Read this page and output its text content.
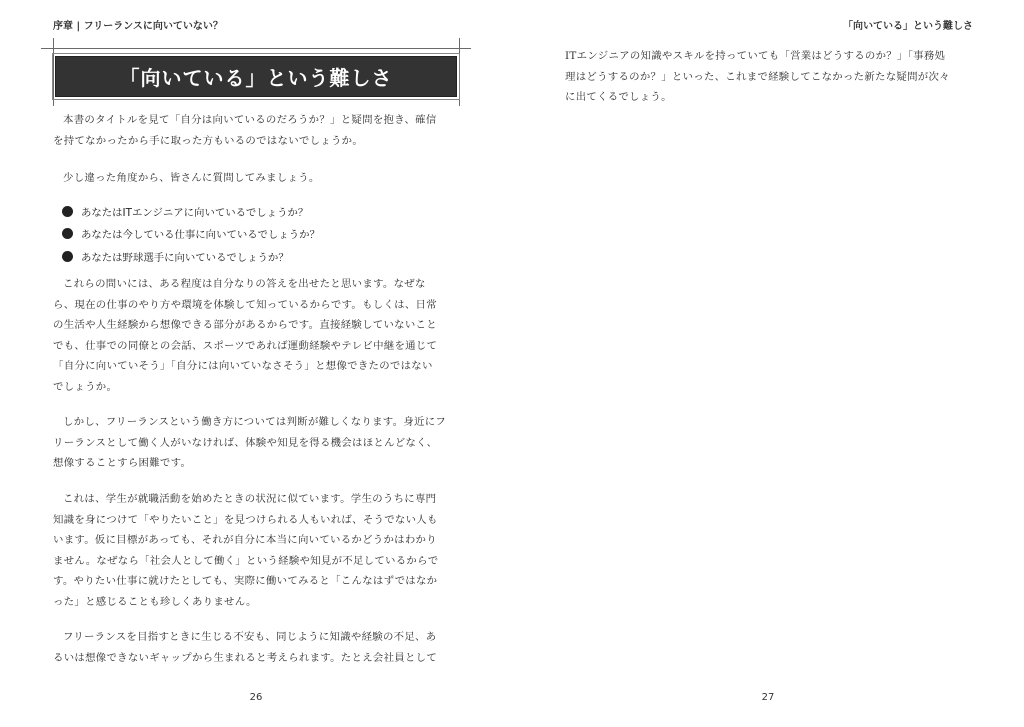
序章 | フリーランスに向いていない？
「向いている」という難しさ
本書のタイトルを見て「自分は向いているのだろうか？」と疑問を抱き、確信
を持てなかったから手に取った方もいるのではないでしょうか。
少し違った角度から、皆さんに質問してみましょう。
あなたはITエンジニアに向いているでしょうか？
あなたは今している仕事に向いているでしょうか？
あなたは野球選手に向いているでしょうか？
これらの問いには、ある程度は自分なりの答えを出せたと思います。なぜな
ら、現在の仕事のやり方や環境を体験して知っているからです。もしくは、日常
の生活や人生経験から想像できる部分があるからです。直接経験していないこと
でも、仕事での同僚との会話、スポーツであれば運動経験やテレビ中継を通じて
「自分に向いていそう」「自分には向いていなさそう」と想像できたのではない
でしょうか。
しかし、フリーランスという働き方については判断が難しくなります。身近にフ
リーランスとして働く人がいなければ、体験や知見を得る機会はほとんどなく、
想像することすら困難です。
これは、学生が就職活動を始めたときの状況に似ています。学生のうちに専門
知識を身につけて「やりたいこと」を見つけられる人もいれば、そうでない人も
います。仮に目標があっても、それが自分に本当に向いているかどうかはわかり
ません。なぜなら「社会人として働く」という経験や知見が不足しているからで
す。やりたい仕事に就けたとしても、実際に働いてみると「こんなはずではなか
った」と感じることも珍しくありません。
フリーランスを目指すときに生じる不安も、同じように知識や経験の不足、あ
るいは想像できないギャップから生まれると考えられます。たとえ会社員として
26
「向いている」という難しさ
ITエンジニアの知識やスキルを持っていても「営業はどうするのか？」「事務処
理はどうするのか？」といった、これまで経験してこなかった新たな疑問が次々
に出てくるでしょう。
27
